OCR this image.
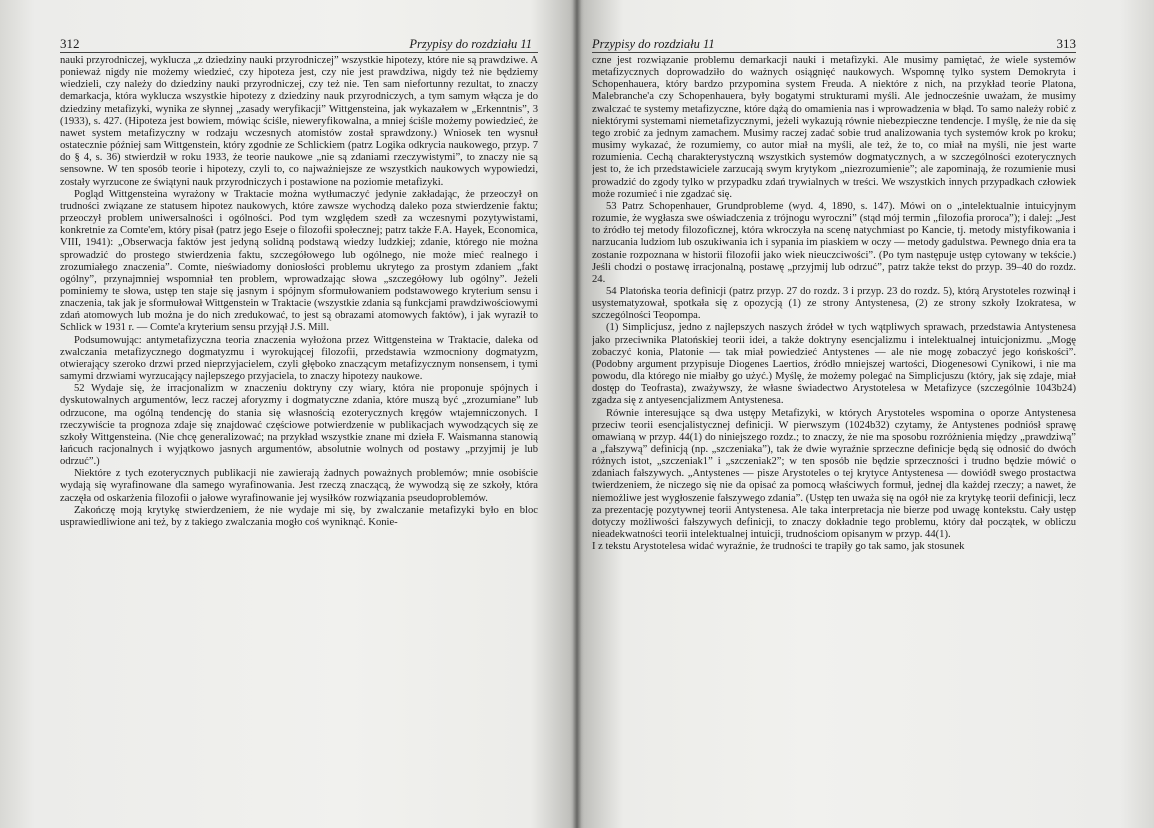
312	Przypisy do rozdziału 11

nauki przyrodniczej, wyklucza „z dziedziny nauki przyrodniczej” wszystkie hipotezy, które nie są prawdziwe. A ponieważ nigdy nie możemy wiedzieć, czy hipoteza jest, czy nie jest prawdziwa, nigdy też nie będziemy wiedzieli, czy należy do dziedziny nauki przyrodniczej, czy też nie. Ten sam niefortunny rezultat, to znaczy demarkacja, która wyklucza wszystkie hipotezy z dziedziny nauk przyrodniczych, a tym samym włącza je do dziedziny metafizyki, wynika ze słynnej „zasady weryfikacji” Wittgensteina, jak wykazałem w „Erkenntnis”, 3 (1933), s. 427. (Hipoteza jest bowiem, mówiąc ściśle, nieweryfikowalna, a mniej ściśle możemy powiedzieć, że nawet system metafizyczny w rodzaju wczesnych atomistów został sprawdzony.) Wniosek ten wysnuł ostatecznie później sam Wittgenstein, który zgodnie ze Schlickiem (patrz Logika odkrycia naukowego, przyp. 7 do § 4, s. 36) stwierdził w roku 1933, że teorie naukowe „nie są zdaniami rzeczywistymi”, to znaczy nie są sensowne. W ten sposób teorie i hipotezy, czyli to, co najważniejsze ze wszystkich naukowych wypowiedzi, zostały wyrzucone ze świątyni nauk przyrodniczych i postawione na poziomie metafizyki.

Pogląd Wittgensteina wyrażony w Traktacie można wytłumaczyć jedynie zakładając, że przeoczył on trudności związane ze statusem hipotez naukowych, które zawsze wychodzą daleko poza stwierdzenie faktu; przeoczył problem uniwersalności i ogólności. Pod tym względem szedł za wczesnymi pozytywistami, konkretnie za Comte'em, który pisał (patrz jego Eseje o filozofii społecznej; patrz także F.A. Hayek, Economica, VIII, 1941): „Obserwacja faktów jest jedyną solidną podstawą wiedzy ludzkiej; zdanie, którego nie można sprowadzić do prostego stwierdzenia faktu, szczegółowego lub ogólnego, nie może mieć realnego i zrozumiałego znaczenia”. Comte, nieświadomy doniosłości problemu ukrytego za prostym zdaniem „fakt ogólny”, przynajmniej wspomniał ten problem, wprowadzając słowa „szczegółowy lub ogólny”. Jeżeli pominiemy te słowa, ustęp ten staje się jasnym i spójnym sformułowaniem podstawowego kryterium sensu i znaczenia, tak jak je sformułował Wittgenstein w Traktacie (wszystkie zdania są funkcjami prawdziwościowymi zdań atomowych lub można je do nich zredukować, to jest są obrazami atomowych faktów), i jak wyraził to Schlick w 1931 r. — Comte'a kryterium sensu przyjął J.S. Mill.

Podsumowując: antymetafizyczna teoria znaczenia wyłożona przez Wittgensteina w Traktacie, daleka od zwalczania metafizycznego dogmatyzmu i wyrokującej filozofii, przedstawia wzmocniony dogmatyzm, otwierający szeroko drzwi przed nieprzyjacielem, czyli głęboko znaczącym metafizycznym nonsensem, i tymi samymi drzwiami wyrzucający najlepszego przyjaciela, to znaczy hipotezy naukowe.

52 Wydaje się, że irracjonalizm w znaczeniu doktryny czy wiary, która nie proponuje spójnych i dyskutowalnych argumentów, lecz raczej aforyzmy i dogmatyczne zdania, które muszą być „zrozumiane” lub odrzucone, ma ogólną tendencję do stania się własnością ezoterycznych kręgów wtajemniczonych. I rzeczywiście ta prognoza zdaje się znajdować częściowe potwierdzenie w publikacjach wywodzących się ze szkoły Wittgensteina. (Nie chcę generalizować; na przykład wszystkie znane mi dzieła F. Waismanna stanowią łańcuch racjonalnych i wyjątkowo jasnych argumentów, absolutnie wolnych od postawy „przyjmij je lub odrzuć”.)

Niektóre z tych ezoterycznych publikacji nie zawierają żadnych poważnych problemów; mnie osobiście wydają się wyrafinowane dla samego wyrafinowania. Jest rzeczą znaczącą, że wywodzą się ze szkoły, która zaczęła od oskarżenia filozofii o jałowe wyrafinowanie jej wysiłków rozwiązania pseudoproblemów.

Zakończę moją krytykę stwierdzeniem, że nie wydaje mi się, by zwalczanie metafizyki było en bloc usprawiedliwione ani też, by z takiego zwalczania mogło coś wyniknąć. Konie-

Przypisy do rozdziału 11	313

czne jest rozwiązanie problemu demarkacji nauki i metafizyki. Ale musimy pamiętać, że wiele systemów metafizycznych doprowadziło do ważnych osiągnięć naukowych. Wspomnę tylko system Demokryta i Schopenhauera, który bardzo przypomina system Freuda. A niektóre z nich, na przykład teorie Platona, Malebranche'a czy Schopenhauera, były bogatymi strukturami myśli. Ale jednocześnie uważam, że musimy zwalczać te systemy metafizyczne, które dążą do omamienia nas i wprowadzenia w błąd. To samo należy robić z niektórymi systemami niemetafizycznymi, jeżeli wykazują równie niebezpieczne tendencje. I myślę, że nie da się tego zrobić za jednym zamachem. Musimy raczej zadać sobie trud analizowania tych systemów krok po kroku; musimy wykazać, że rozumiemy, co autor miał na myśli, ale też, że to, co miał na myśli, nie jest warte rozumienia. Cechą charakterystyczną wszystkich systemów dogmatycznych, a w szczególności ezoterycznych jest to, że ich przedstawiciele zarzucają swym krytykom „niezrozumienie”; ale zapominają, że rozumienie musi prowadzić do zgody tylko w przypadku zdań trywialnych w treści. We wszystkich innych przypadkach człowiek może rozumieć i nie zgadzać się.

53 Patrz Schopenhauer, Grundprobleme (wyd. 4, 1890, s. 147). Mówi on o „intelektualnie intuicyjnym rozumie, że wygłasza swe oświadczenia z trójnogu wyroczni” (stąd mój termin „filozofia proroca”); i dalej: „Jest to źródło tej metody filozoficznej, która wkroczyła na scenę natychmiast po Kancie, tj. metody mistyfikowania i narzucania ludziom lub oszukiwania ich i sypania im piaskiem w oczy — metody gadulstwa. Pewnego dnia era ta zostanie rozpoznana w historii filozofii jako wiek nieuczciwości”. (Po tym następuje ustęp cytowany w tekście.) Jeśli chodzi o postawę irracjonalną, postawę „przyjmij lub odrzuć”, patrz także tekst do przyp. 39–40 do rozdz. 24.

54 Platońska teoria definicji (patrz przyp. 27 do rozdz. 3 i przyp. 23 do rozdz. 5), którą Arystoteles rozwinął i usystematyzował, spotkała się z opozycją (1) ze strony Antystenesa, (2) ze strony szkoły Izokratesa, w szczególności Teopompa.

(1) Simplicjusz, jedno z najlepszych naszych źródeł w tych wątpliwych sprawach, przedstawia Antystenesa jako przeciwnika Platońskiej teorii idei, a także doktryny esencjalizmu i intelektualnej intuicjonizmu. „Mogę zobaczyć konia, Platonie — tak miał powiedzieć Antystenes — ale nie mogę zobaczyć jego końskości”. (Podobny argument przypisuje Diogenes Laertios, źródło mniejszej wartości, Diogenesowi Cynikowi, i nie ma powodu, dla którego nie miałby go użyć.) Myślę, że możemy polegać na Simplicjuszu (który, jak się zdaje, miał dostęp do Teofrasta), zważywszy, że własne świadectwo Arystotelesa w Metafizyce (szczególnie 1043b24) zgadza się z antyesencjalizmem Antystenesa.

Równie interesujące są dwa ustępy Metafizyki, w których Arystoteles wspomina o oporze Antystenesa przeciw teorii esencjalistycznej definicji. W pierwszym (1024b32) czytamy, że Antystenes podniósł sprawę omawianą w przyp. 44(1) do niniejszego rozdz.; to znaczy, że nie ma sposobu rozróżnienia między „prawdziwą” a „fałszywą” definicją (np. „szczeniaka”), tak że dwie wyraźnie sprzeczne definicje będą się odnosić do dwóch różnych istot, „szczeniak1” i „szczeniak2”; w ten sposób nie będzie sprzeczności i trudno będzie mówić o zdaniach fałszywych. „Antystenes — pisze Arystoteles o tej krytyce Antystenesa — dowiódł swego prostactwa twierdzeniem, że niczego się nie da opisać za pomocą właściwych formuł, jednej dla każdej rzeczy; a nawet, że niemożliwe jest wygłoszenie fałszywego zdania”. (Ustęp ten uważa się na ogół nie za krytykę teorii definicji, lecz za prezentację pozytywnej teorii Antystenesa. Ale taka interpretacja nie bierze pod uwagę kontekstu. Cały ustęp dotyczy możliwości fałszywych definicji, to znaczy dokładnie tego problemu, który dał początek, w obliczu nieadekwatności teorii intelektualnej intuicji, trudnościom opisanym w przyp. 44(1).

I z tekstu Arystotelesa widać wyraźnie, że trudności te trapiły go tak samo, jak stosunek
